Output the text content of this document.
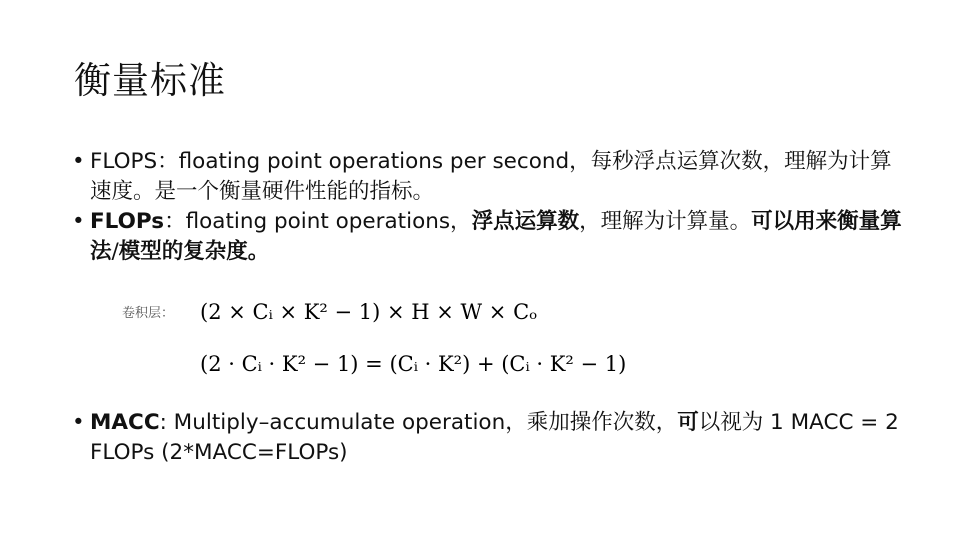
衡量标准
• FLOPS：floating point operations per second，每秒浮点运算次数，理解为计算速度。是一个衡量硬件性能的指标。
• FLOPs：floating point operations，浮点运算数，理解为计算量。可以用来衡量算法/模型的复杂度。
卷积层： (2 × Cᵢ × K² − 1) × H × W × Cₒ
(2 · Cᵢ · K² − 1) = (Cᵢ · K²) + (Cᵢ · K² − 1)
• MACC: Multiply–accumulate operation，乘加操作次数，可以视为 1 MACC = 2 FLOPs (2*MACC=FLOPs)
